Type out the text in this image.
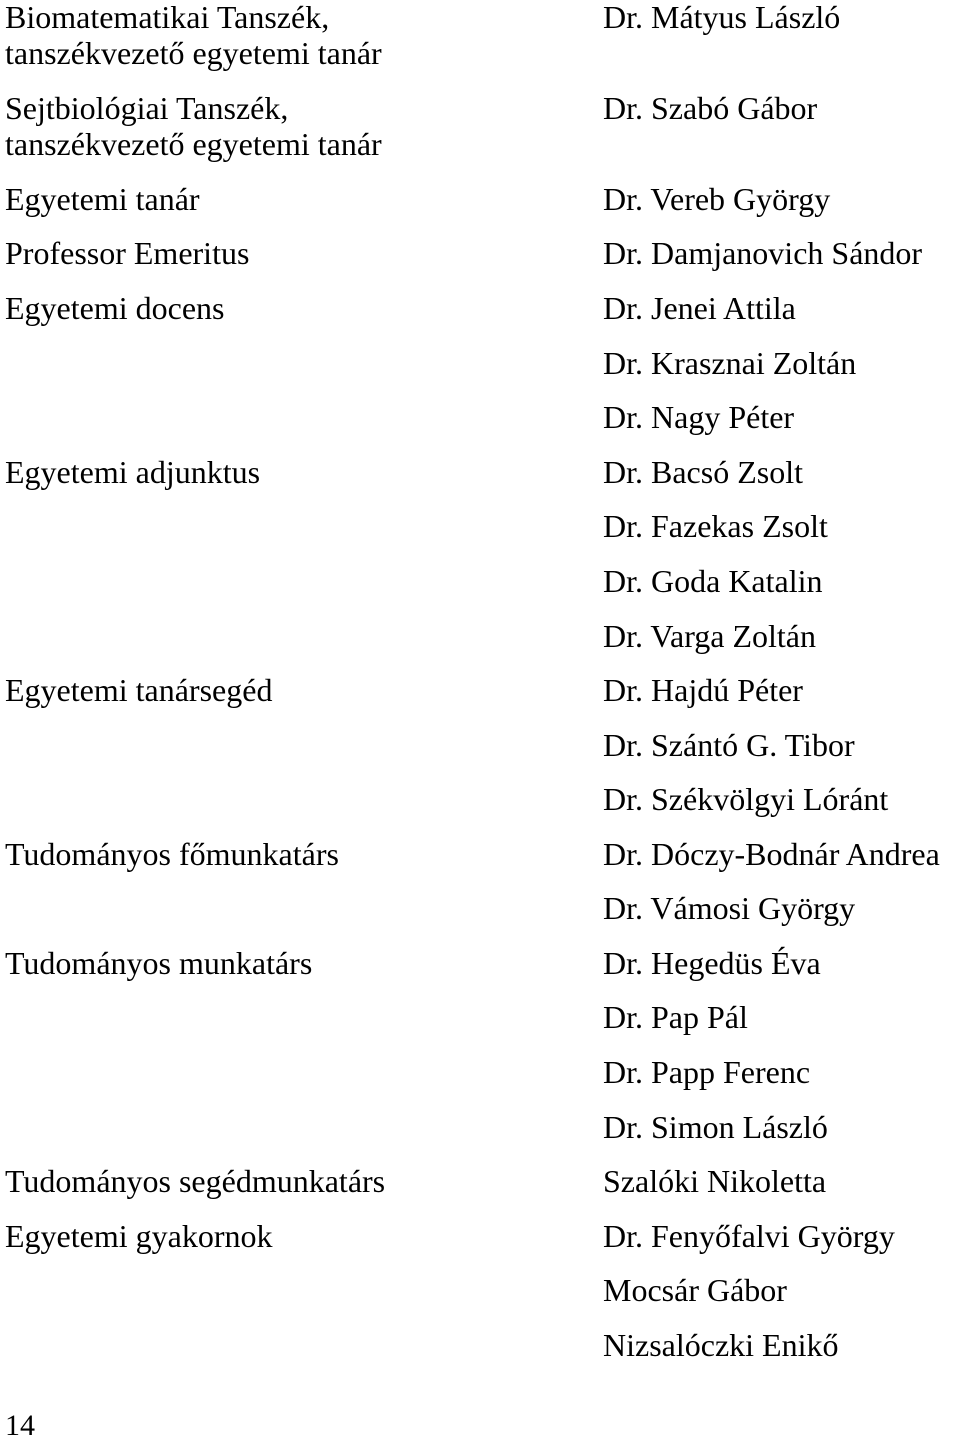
Biomatematikai Tanszék,
tanszékvezető egyetemi tanár
Sejtbiológiai Tanszék,
tanszékvezető egyetemi tanár
Egyetemi tanár
Professor Emeritus
Egyetemi docens
Egyetemi adjunktus
Egyetemi tanársegéd
Tudományos főmunkatárs
Tudományos munkatárs
Tudományos segédmunkatárs
Egyetemi gyakornok
Dr. Mátyus László
Dr. Szabó Gábor
Dr. Vereb György
Dr. Damjanovich Sándor
Dr. Jenei Attila
Dr. Krasznai Zoltán
Dr. Nagy Péter
Dr. Bacsó Zsolt
Dr. Fazekas Zsolt
Dr. Goda Katalin
Dr. Varga Zoltán
Dr. Hajdú Péter
Dr. Szántó G. Tibor
Dr. Székvölgyi Lóránt
Dr. Dóczy-Bodnár Andrea
Dr. Vámosi György
Dr. Hegedüs Éva
Dr. Pap Pál
Dr. Papp Ferenc
Dr. Simon László
Szalóki Nikoletta
Dr. Fenyőfalvi György
Mocsár Gábor
Nizsalóczki Enikő
14
